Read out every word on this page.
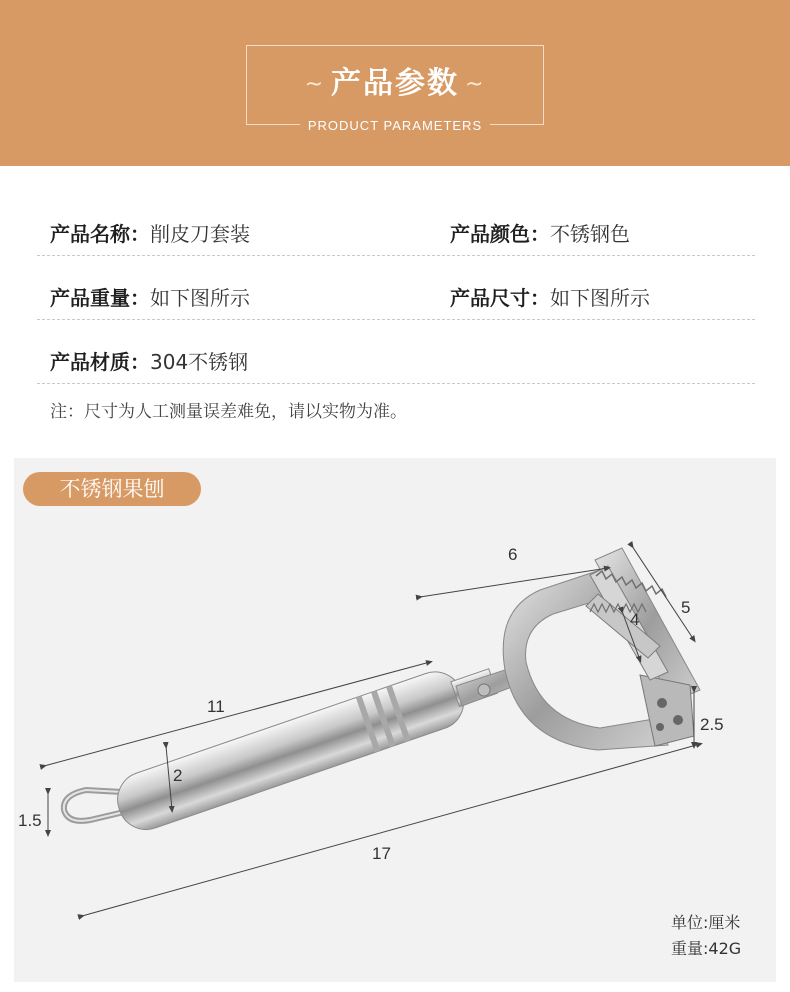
~ 产品参数 ~
PRODUCT PARAMETERS
产品名称：削皮刀套装	产品颜色：不锈钢色
产品重量：如下图所示	产品尺寸：如下图所示
产品材质：304不锈钢
注：尺寸为人工测量误差难免，请以实物为准。
不锈钢果刨
6
5
4
2.5
11
2
1.5
17
单位:厘米
重量:42G
